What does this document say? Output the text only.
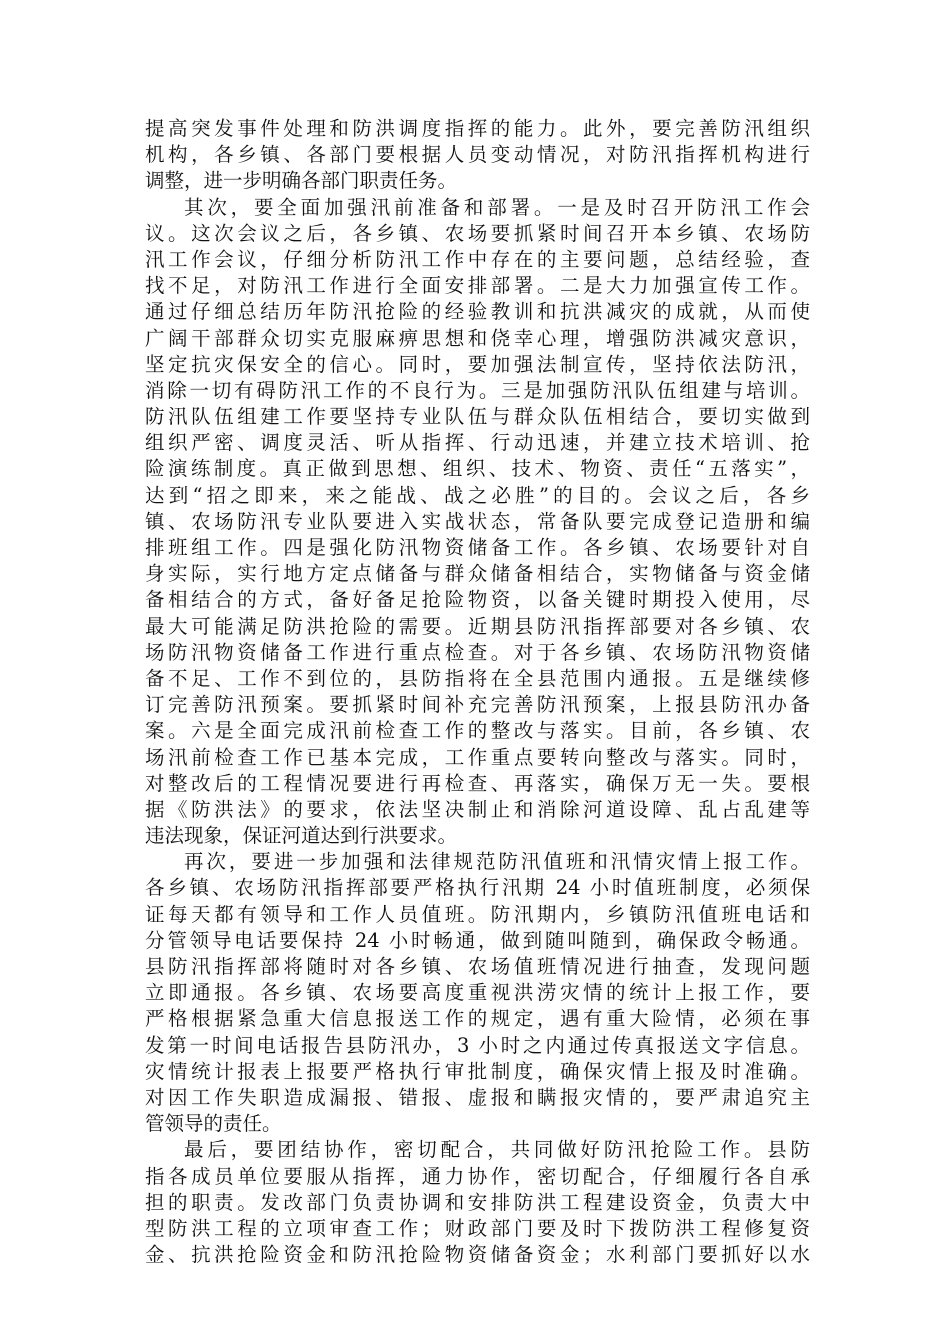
提高突发事件处理和防洪调度指挥的能力。此外，要完善防汛组织
机构，各乡镇、各部门要根据人员变动情况，对防汛指挥机构进行
调整，进一步明确各部门职责任务。
其次，要全面加强汛前准备和部署。一是及时召开防汛工作会
议。这次会议之后，各乡镇、农场要抓紧时间召开本乡镇、农场防
汛工作会议，仔细分析防汛工作中存在的主要问题，总结经验，查
找不足，对防汛工作进行全面安排部署。二是大力加强宣传工作。
通过仔细总结历年防汛抢险的经验教训和抗洪减灾的成就，从而使
广阔干部群众切实克服麻痹思想和侥幸心理，增强防洪减灾意识，
坚定抗灾保安全的信心。同时，要加强法制宣传，坚持依法防汛，
消除一切有碍防汛工作的不良行为。三是加强防汛队伍组建与培训。
防汛队伍组建工作要坚持专业队伍与群众队伍相结合，要切实做到
组织严密、调度灵活、听从指挥、行动迅速，并建立技术培训、抢
险演练制度。真正做到思想、组织、技术、物资、责任“五落实”，
达到“招之即来，来之能战、战之必胜”的目的。会议之后，各乡
镇、农场防汛专业队要进入实战状态，常备队要完成登记造册和编
排班组工作。四是强化防汛物资储备工作。各乡镇、农场要针对自
身实际，实行地方定点储备与群众储备相结合，实物储备与资金储
备相结合的方式，备好备足抢险物资，以备关键时期投入使用，尽
最大可能满足防洪抢险的需要。近期县防汛指挥部要对各乡镇、农
场防汛物资储备工作进行重点检查。对于各乡镇、农场防汛物资储
备不足、工作不到位的，县防指将在全县范围内通报。五是继续修
订完善防汛预案。要抓紧时间补充完善防汛预案，上报县防汛办备
案。六是全面完成汛前检查工作的整改与落实。目前，各乡镇、农
场汛前检查工作已基本完成，工作重点要转向整改与落实。同时，
对整改后的工程情况要进行再检查、再落实，确保万无一失。要根
据《防洪法》的要求，依法坚决制止和消除河道设障、乱占乱建等
违法现象，保证河道达到行洪要求。
再次，要进一步加强和法律规范防汛值班和汛情灾情上报工作。
各乡镇、农场防汛指挥部要严格执行汛期 24 小时值班制度，必须保
证每天都有领导和工作人员值班。防汛期内，乡镇防汛值班电话和
分管领导电话要保持 24 小时畅通，做到随叫随到，确保政令畅通。
县防汛指挥部将随时对各乡镇、农场值班情况进行抽查，发现问题
立即通报。各乡镇、农场要高度重视洪涝灾情的统计上报工作，要
严格根据紧急重大信息报送工作的规定，遇有重大险情，必须在事
发第一时间电话报告县防汛办，3 小时之内通过传真报送文字信息。
灾情统计报表上报要严格执行审批制度，确保灾情上报及时准确。
对因工作失职造成漏报、错报、虚报和瞒报灾情的，要严肃追究主
管领导的责任。
最后，要团结协作，密切配合，共同做好防汛抢险工作。县防
指各成员单位要服从指挥，通力协作，密切配合，仔细履行各自承
担的职责。发改部门负责协调和安排防洪工程建设资金，负责大中
型防洪工程的立项审查工作；财政部门要及时下拨防洪工程修复资
金、抗洪抢险资金和防汛抢险物资储备资金；水利部门要抓好以水
